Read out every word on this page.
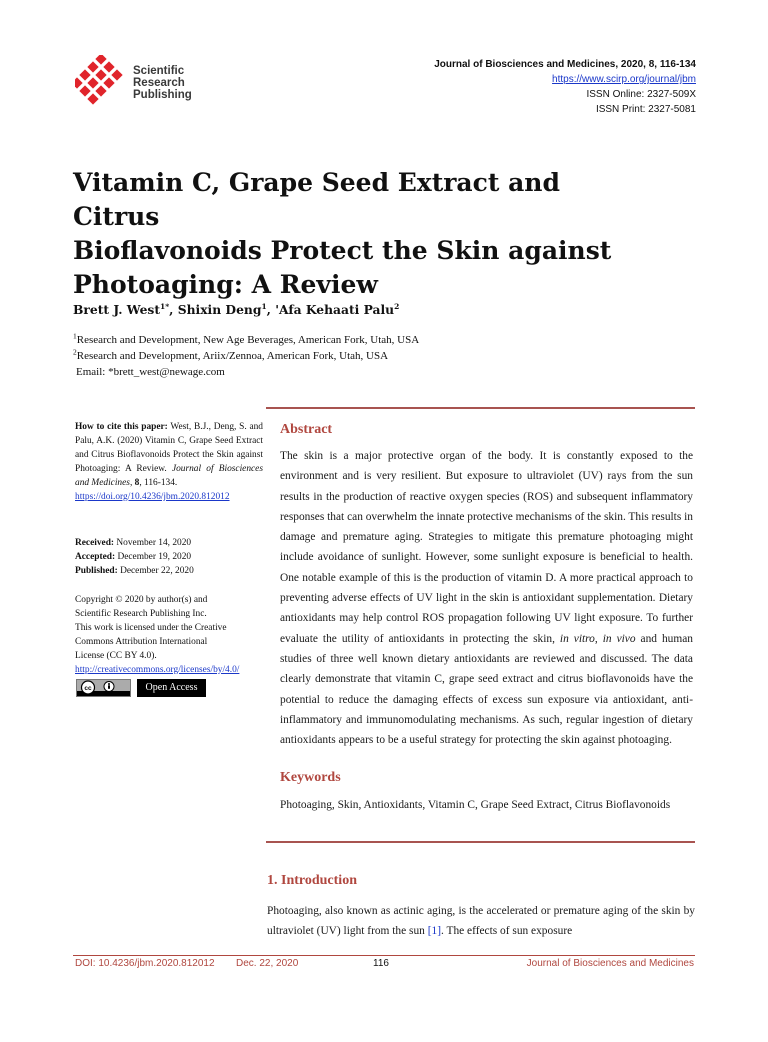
Scientific
Research
Publishing
Journal of Biosciences and Medicines, 2020, 8, 116-134
https://www.scirp.org/journal/jbm
ISSN Online: 2327-509X
ISSN Print: 2327-5081
Vitamin C, Grape Seed Extract and Citrus
Bioflavonoids Protect the Skin against
Photoaging: A Review
Brett J. West$^{1*}$, Shixin Deng$^1$, 'Afa Kehaati Palu$^2$
$^1$Research and Development, New Age Beverages, American Fork, Utah, USA
$^2$Research and Development, Ariix/Zennoa, American Fork, Utah, USA
Email: *brett_west@newage.com
How to cite this paper: West, B.J., Deng, S. and Palu, A.K. (2020) Vitamin C, Grape Seed Extract and Citrus Bioflavonoids Protect the Skin against Photoaging: A Review. Journal of Biosciences and Medicines, 8, 116-134.
https://doi.org/10.4236/jbm.2020.812012
Received: November 14, 2020
Accepted: December 19, 2020
Published: December 22, 2020
Copyright © 2020 by author(s) and
Scientific Research Publishing Inc.
This work is licensed under the Creative
Commons Attribution International
License (CC BY 4.0).
http://creativecommons.org/licenses/by/4.0/
cc	Open Access
Abstract
The skin is a major protective organ of the body. It is constantly exposed to the environment and is very resilient. But exposure to ultraviolet (UV) rays from the sun results in the production of reactive oxygen species (ROS) and subsequent inflammatory responses that can overwhelm the innate protective mechanisms of the skin. This results in damage and premature aging. Strategies to mitigate this premature photoaging might include avoidance of sunlight. However, some sunlight exposure is beneficial to health. One notable example of this is the production of vitamin D. A more practical approach to preventing adverse effects of UV light in the skin is antioxidant supplementation. Dietary antioxidants may help control ROS propagation following UV light exposure. To further evaluate the utility of antioxidants in protecting the skin, in vitro, in vivo and human studies of three well known dietary antioxidants are reviewed and discussed. The data clearly demonstrate that vitamin C, grape seed extract and citrus bioflavonoids have the potential to reduce the damaging effects of excess sun exposure via antioxidant, anti-inflammatory and immunomodulating mechanisms. As such, regular ingestion of dietary antioxidants appears to be a useful strategy for protecting the skin against photoaging.
Keywords
Photoaging, Skin, Antioxidants, Vitamin C, Grape Seed Extract, Citrus Bioflavonoids
1. Introduction
Photoaging, also known as actinic aging, is the accelerated or premature aging of the skin by ultraviolet (UV) light from the sun [1]. The effects of sun exposure
DOI: 10.4236/jbm.2020.812012 Dec. 22, 2020	116	Journal of Biosciences and Medicines
